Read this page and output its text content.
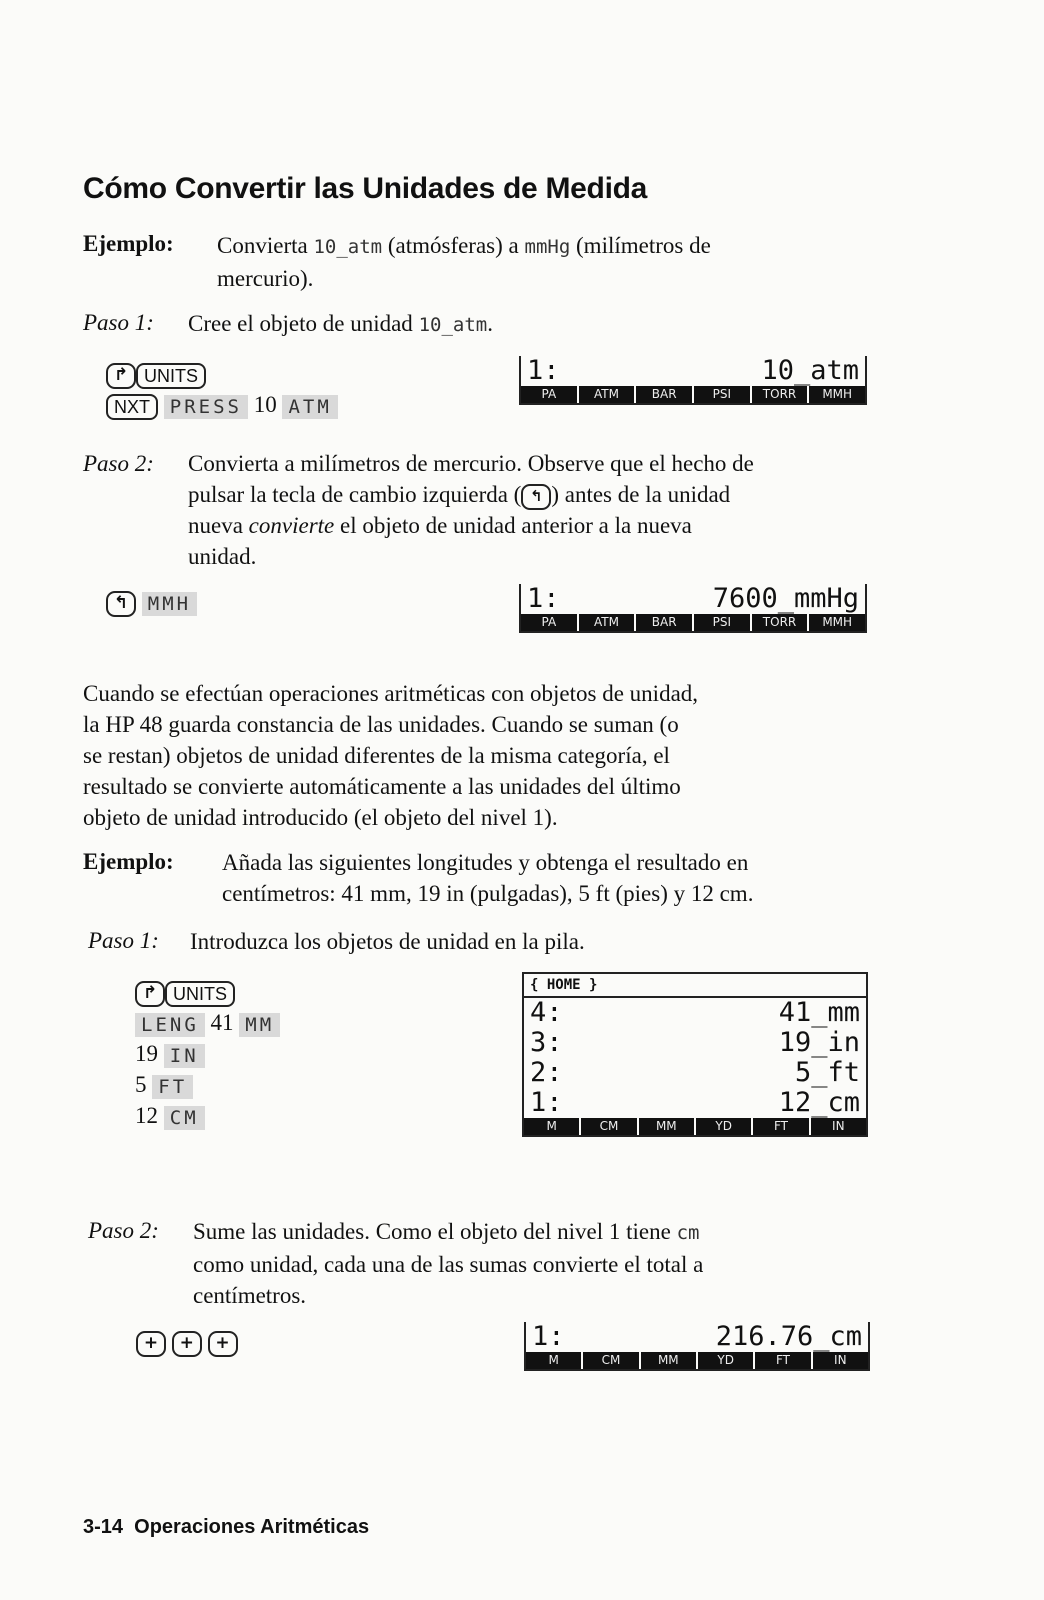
Cómo Convertir las Unidades de Medida
Ejemplo: Convierta 10_atm (atmósferas) a mmHg (milímetros de
mercurio).
Paso 1: Cree el objeto de unidad 10_atm.
↱ UNITS
NXT PRESS 10 ATM
1:	10_atm
PA	ATM	BAR	PSI	TORR	MMH
Paso 2: Convierta a milímetros de mercurio. Observe que el hecho de
pulsar la tecla de cambio izquierda ( ↰ ) antes de la unidad
nueva convierte el objeto de unidad anterior a la nueva
unidad.
↰ MMH	1:	7600_mmHg
PA	ATM	BAR	PSI	TORR	MMH
Cuando se efectúan operaciones aritméticas con objetos de unidad,
la HP 48 guarda constancia de las unidades. Cuando se suman (o
se restan) objetos de unidad diferentes de la misma categoría, el
resultado se convierte automáticamente a las unidades del último
objeto de unidad introducido (el objeto del nivel 1).
Ejemplo: Añada las siguientes longitudes y obtenga el resultado en
centímetros: 41 mm, 19 in (pulgadas), 5 ft (pies) y 12 cm.
Paso 1: Introduzca los objetos de unidad en la pila.
↱ UNITS
LENG 41 MM
19 IN
5 FT
12 CM
{ HOME }
4:	41_mm
3:	19_in
2:	5_ft
1:	12_cm
M	CM	MM	YD	FT	IN
Paso 2: Sume las unidades. Como el objeto del nivel 1 tiene cm
como unidad, cada una de las sumas convierte el total a
centímetros.
+ + +	1:	216.76_cm
M	CM	MM	YD	FT	IN
3-14 Operaciones Aritméticas
